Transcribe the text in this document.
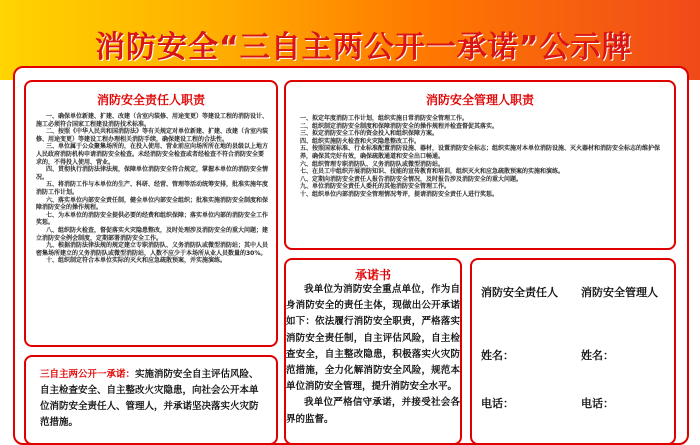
消防安全“三自主两公开一承诺”公示牌
消防安全责任人职责
一、确保单位新建、扩建、改建（含室内装修、用途变更）等建设工程的消防设计、施工必须符合国家工程建设消防技术标准。
二、按照《中华人民共和国消防法》等有关规定对单位新建、扩建、改建（含室内装修、用途变更）等建设工程办理相关消防手续，确保建设工程的合法性。
三、单位属于公众聚集场所的，在投入使用、营业前应向场所所在地的县级以上地方人民政府消防机构申请消防安全检查。未经消防安全检查或者经检查不符合消防安全要求的，不得投入使用、营业。
四、贯彻执行消防法律法规，保障单位消防安全符合规定，掌握本单位的消防安全情况。
五、将消防工作与本单位的生产、科研、经营、管理等活动统筹安排，批准实施年度消防工作计划。
六、落实单位内部安全责任制，健全单位内部安全组织；批准实施消防安全制度和保障消防安全的操作规程。
七、为本单位的消防安全提供必要的经费和组织保障；落实单位内部的消防安全工作奖惩。
八、组织防火检查，督促落实火灾隐患整改，及时处理涉及消防安全的重大问题；建立消防安全例会制度，定期部署消防安全工作。
九、根据消防法律法规的规定建立专职消防队、义务消防队或微型消防站；其中人员密集场所建立的义务消防队或微型消防站，人数不应少于本场所从业人员数量的30%。
十、组织制定符合本单位实际的灭火和应急疏散预案，并实施演练。
消防安全管理人职责
一、拟定年度消防工作计划，组织实施日常消防安全管理工作。
二、组织制定消防安全制度和保障消防安全的操作规程并检查督促其落实。
三、拟定消防安全工作的资金投入和组织保障方案。
四、组织实施防火检查和火灾隐患整改工作。
五、按照国家标准、行业标准配置消防设施、器材，设置消防安全标志；组织实施对本单位消防设施、灭火器材和消防安全标志的维护保养，确保其完好有效，确保疏散通道和安全出口畅通。
六、组织管理专职消防队、义务消防队或微型消防站。
七、在员工中组织开展消防知识、技能的宣传教育和培训，组织灭火和应急疏散预案的实施和演练。
八、定期向消防安全责任人报告消防安全情况，及时报告涉及消防安全的重大问题。
九、单位消防安全责任人委托的其他消防安全管理工作。
十、组织单位内部消防安全管理情况考评，提请消防安全责任人进行奖惩。
三自主两公开一承诺：实施消防安全自主评估风险、自主检查安全、自主整改火灾隐患，向社会公开本单位消防安全责任人、管理人，并承诺坚决落实火灾防范措施。
承诺书

我单位为消防安全重点单位，作为自身消防安全的责任主体，现做出公开承诺如下：依法履行消防安全职责，严格落实消防安全责任制，自主评估风险，自主检查安全，自主整改隐患，积极落实火灾防范措施，全力化解消防安全风险，规范本单位消防安全管理，提升消防安全水平。

我单位严格信守承诺，并接受社会各界的监督。

消防安全责任人 消防安全管理人
姓名：	姓名：
电话：	电话：
